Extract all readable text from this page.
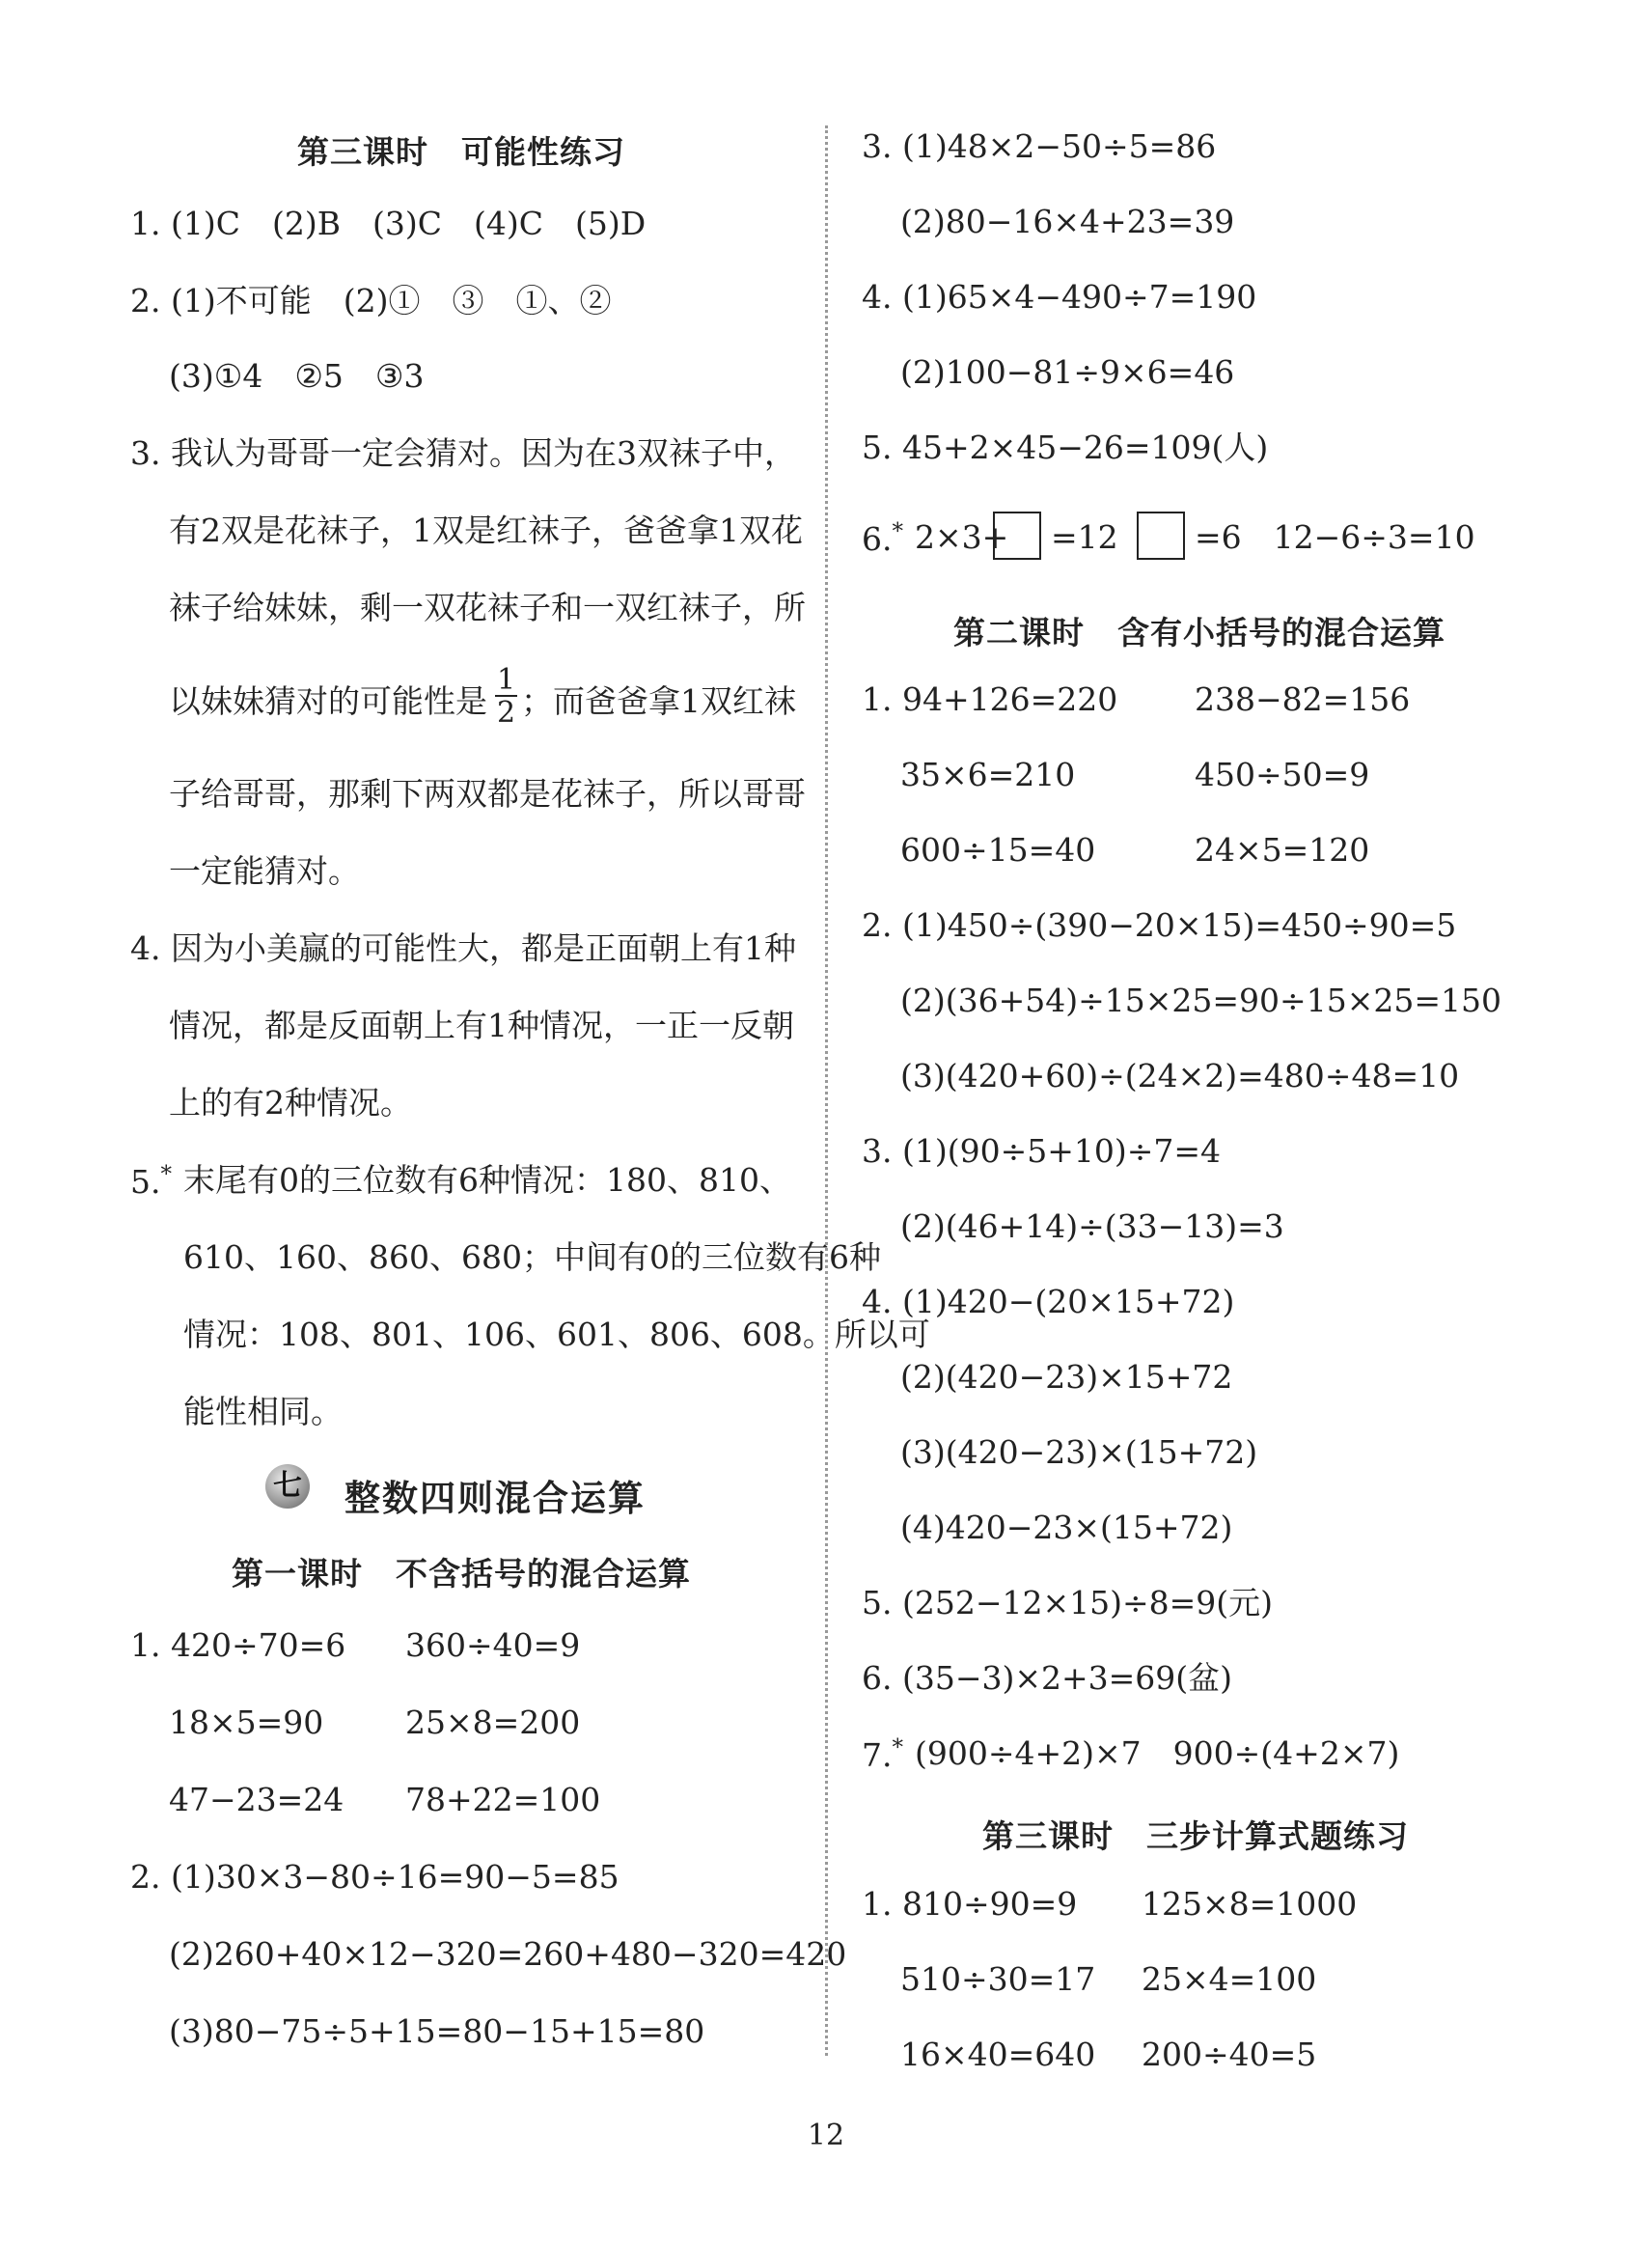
第三课时　可能性练习
1. (1)C　(2)B　(3)C　(4)C　(5)D
2. (1)不可能　(2)①　③　①、②
(3)①4　②5　③3
3. 我认为哥哥一定会猜对。因为在3双袜子中，
有2双是花袜子，1双是红袜子，爸爸拿1双花
袜子给妹妹，剩一双花袜子和一双红袜子，所
以妹妹猜对的可能性是 $\frac{1}{2}$ ；而爸爸拿1双红袜
子给哥哥，那剩下两双都是花袜子，所以哥哥
一定能猜对。
4. 因为小美赢的可能性大，都是正面朝上有1种
情况，都是反面朝上有1种情况，一正一反朝
上的有2种情况。
5.* 末尾有0的三位数有6种情况：180、810、
610、160、860、680；中间有0的三位数有6种
情况：108、801、106、601、806、608。所以可
能性相同。
七 整数四则混合运算
第一课时　不含括号的混合运算
1. 420÷70=6 360÷40=9
18×5=90	25×8=200
47−23=24 78+22=100
2. (1)30×3−80÷16=90−5=85
(2)260+40×12−320=260+480−320=420
(3)80−75÷5+15=80−15+15=80
3. (1)48×2−50÷5=86
(2)80−16×4+23=39
4. (1)65×4−490÷7=190
(2)100−81÷9×6=46
5. 45+2×45−26=109(人)
6.* 2×3+ =12 =6　12−6÷3=10
第二课时　含有小括号的混合运算
1. 94+126=220 238−82=156
35×6=210	450÷50=9
600÷15=40	24×5=120
2. (1)450÷(390−20×15)=450÷90=5
(2)(36+54)÷15×25=90÷15×25=150
(3)(420+60)÷(24×2)=480÷48=10
3. (1)(90÷5+10)÷7=4
(2)(46+14)÷(33−13)=3
4. (1)420−(20×15+72)
(2)(420−23)×15+72
(3)(420−23)×(15+72)
(4)420−23×(15+72)
5. (252−12×15)÷8=9(元)
6. (35−3)×2+3=69(盆)
7.* (900÷4+2)×7　900÷(4+2×7)
第三课时　三步计算式题练习
1. 810÷90=9 125×8=1000
510÷30=17 25×4=100
16×40=640 200÷40=5
12
